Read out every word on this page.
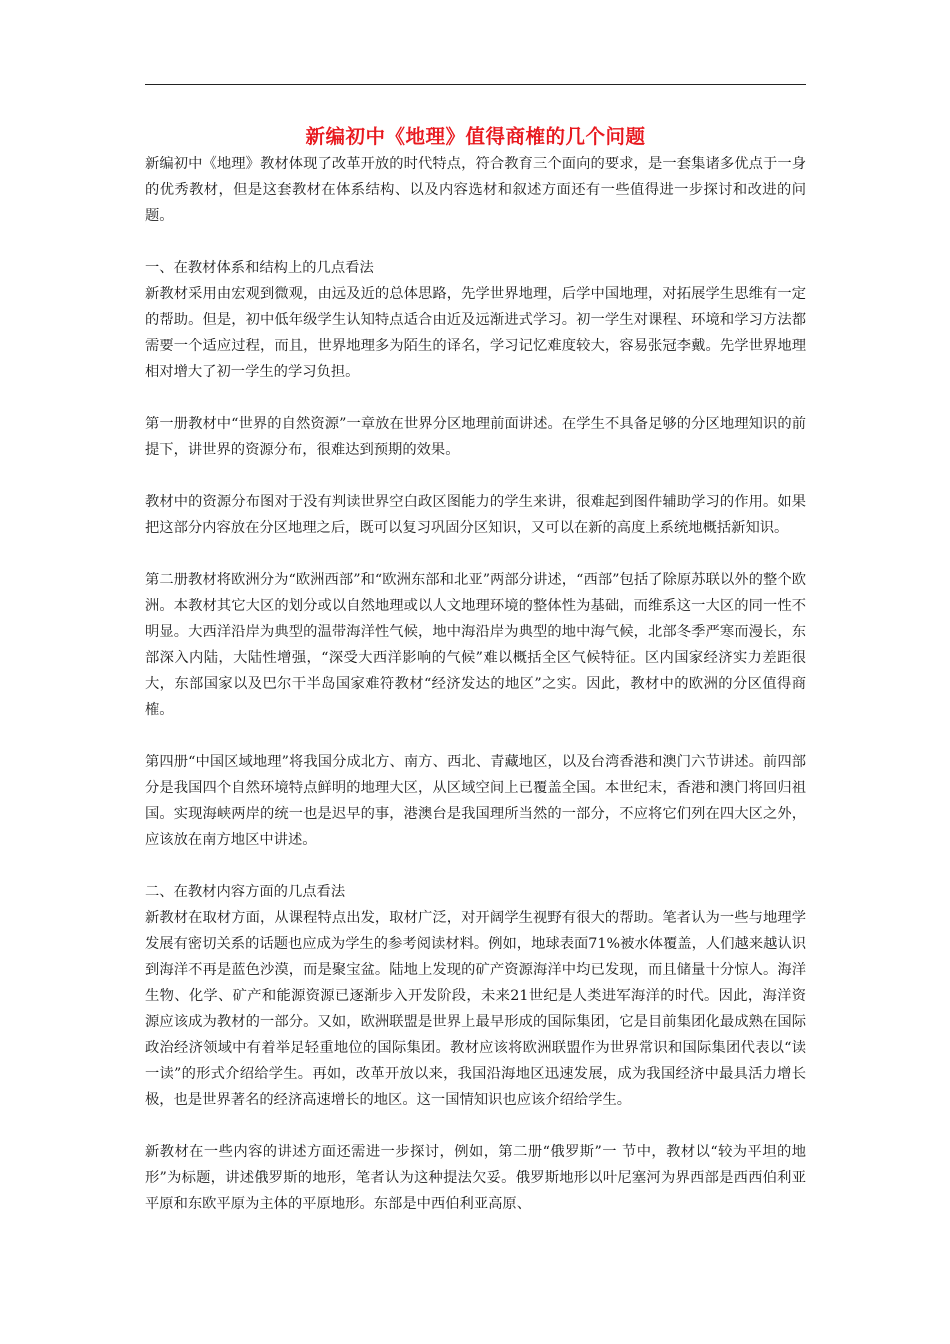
新编初中《地理》值得商榷的几个问题

新编初中《地理》教材体现了改革开放的时代特点，符合教育三个面向的要求，是一套集诸多优点于一身的优秀教材，但是这套教材在体系结构、以及内容选材和叙述方面还有一些值得进一步探讨和改进的问题。

一、在教材体系和结构上的几点看法

新教材采用由宏观到微观，由远及近的总体思路，先学世界地理，后学中国地理，对拓展学生思维有一定的帮助。但是，初中低年级学生认知特点适合由近及远渐进式学习。初一学生对课程、环境和学习方法都需要一个适应过程，而且，世界地理多为陌生的译名，学习记忆难度较大，容易张冠李戴。先学世界地理相对增大了初一学生的学习负担。

第一册教材中“世界的自然资源”一章放在世界分区地理前面讲述。在学生不具备足够的分区地理知识的前提下，讲世界的资源分布，很难达到预期的效果。

教材中的资源分布图对于没有判读世界空白政区图能力的学生来讲，很难起到图件辅助学习的作用。如果把这部分内容放在分区地理之后，既可以复习巩固分区知识，又可以在新的高度上系统地概括新知识。

第二册教材将欧洲分为“欧洲西部”和“欧洲东部和北亚”两部分讲述，“西部”包括了除原苏联以外的整个欧洲。本教材其它大区的划分或以自然地理或以人文地理环境的整体性为基础，而维系这一大区的同一性不明显。大西洋沿岸为典型的温带海洋性气候，地中海沿岸为典型的地中海气候，北部冬季严寒而漫长，东部深入内陆，大陆性增强，“深受大西洋影响的气候”难以概括全区气候特征。区内国家经济实力差距很大，东部国家以及巴尔干半岛国家难符教材“经济发达的地区”之实。因此，教材中的欧洲的分区值得商榷。

第四册“中国区域地理”将我国分成北方、南方、西北、青藏地区，以及台湾香港和澳门六节讲述。前四部分是我国四个自然环境特点鲜明的地理大区，从区域空间上已覆盖全国。本世纪末，香港和澳门将回归祖国。实现海峡两岸的统一也是迟早的事，港澳台是我国理所当然的一部分，不应将它们列在四大区之外，应该放在南方地区中讲述。

二、在教材内容方面的几点看法

新教材在取材方面，从课程特点出发，取材广泛，对开阔学生视野有很大的帮助。笔者认为一些与地理学发展有密切关系的话题也应成为学生的参考阅读材料。例如，地球表面71%被水体覆盖，人们越来越认识到海洋不再是蓝色沙漠，而是聚宝盆。陆地上发现的矿产资源海洋中均已发现，而且储量十分惊人。海洋生物、化学、矿产和能源资源已逐渐步入开发阶段，未来21世纪是人类进军海洋的时代。因此，海洋资源应该成为教材的一部分。又如，欧洲联盟是世界上最早形成的国际集团，它是目前集团化最成熟在国际政治经济领域中有着举足轻重地位的国际集团。教材应该将欧洲联盟作为世界常识和国际集团代表以“读一读”的形式介绍给学生。再如，改革开放以来，我国沿海地区迅速发展，成为我国经济中最具活力增长极，也是世界著名的经济高速增长的地区。这一国情知识也应该介绍给学生。

新教材在一些内容的讲述方面还需进一步探讨，例如，第二册“俄罗斯”一 节中，教材以“较为平坦的地形”为标题，讲述俄罗斯的地形，笔者认为这种提法欠妥。俄罗斯地形以叶尼塞河为界西部是西西伯利亚平原和东欧平原为主体的平原地形。东部是中西伯利亚高原、
